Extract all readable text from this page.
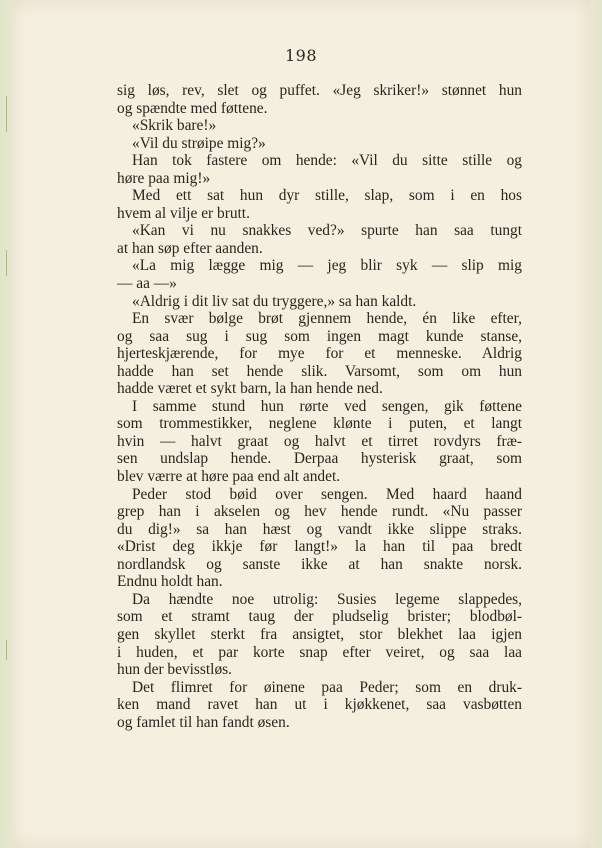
198
sig løs, rev, slet og puffet. «Jeg skriker!» stønnet hun
og spændte med føttene.
«Skrik bare!»
«Vil du strøipe mig?»
Han tok fastere om hende: «Vil du sitte stille og
høre paa mig!»
Med ett sat hun dyr stille, slap, som i en hos
hvem al vilje er brutt.
«Kan vi nu snakkes ved?» spurte han saa tungt
at han søp efter aanden.
«La mig lægge mig — jeg blir syk — slip mig
— aa —»
«Aldrig i dit liv sat du tryggere,» sa han kaldt.
En svær bølge brøt gjennem hende, én like efter,
og saa sug i sug som ingen magt kunde stanse,
hjerteskjærende, for mye for et menneske. Aldrig
hadde han set hende slik. Varsomt, som om hun
hadde været et sykt barn, la han hende ned.
I samme stund hun rørte ved sengen, gik føttene
som trommestikker, neglene klønte i puten, et langt
hvin — halvt graat og halvt et tirret rovdyrs fræ-
sen undslap hende. Derpaa hysterisk graat, som
blev værre at høre paa end alt andet.
Peder stod bøid over sengen. Med haard haand
grep han i akselen og hev hende rundt. «Nu passer
du dig!» sa han hæst og vandt ikke slippe straks.
«Drist deg ikkje før langt!» la han til paa bredt
nordlandsk og sanste ikke at han snakte norsk.
Endnu holdt han.
Da hændte noe utrolig: Susies legeme slappedes,
som et stramt taug der pludselig brister; blodbøl-
gen skyllet sterkt fra ansigtet, stor blekhet laa igjen
i huden, et par korte snap efter veiret, og saa laa
hun der bevisstløs.
Det flimret for øinene paa Peder; som en druk-
ken mand ravet han ut i kjøkkenet, saa vasbøtten
og famlet til han fandt øsen.
